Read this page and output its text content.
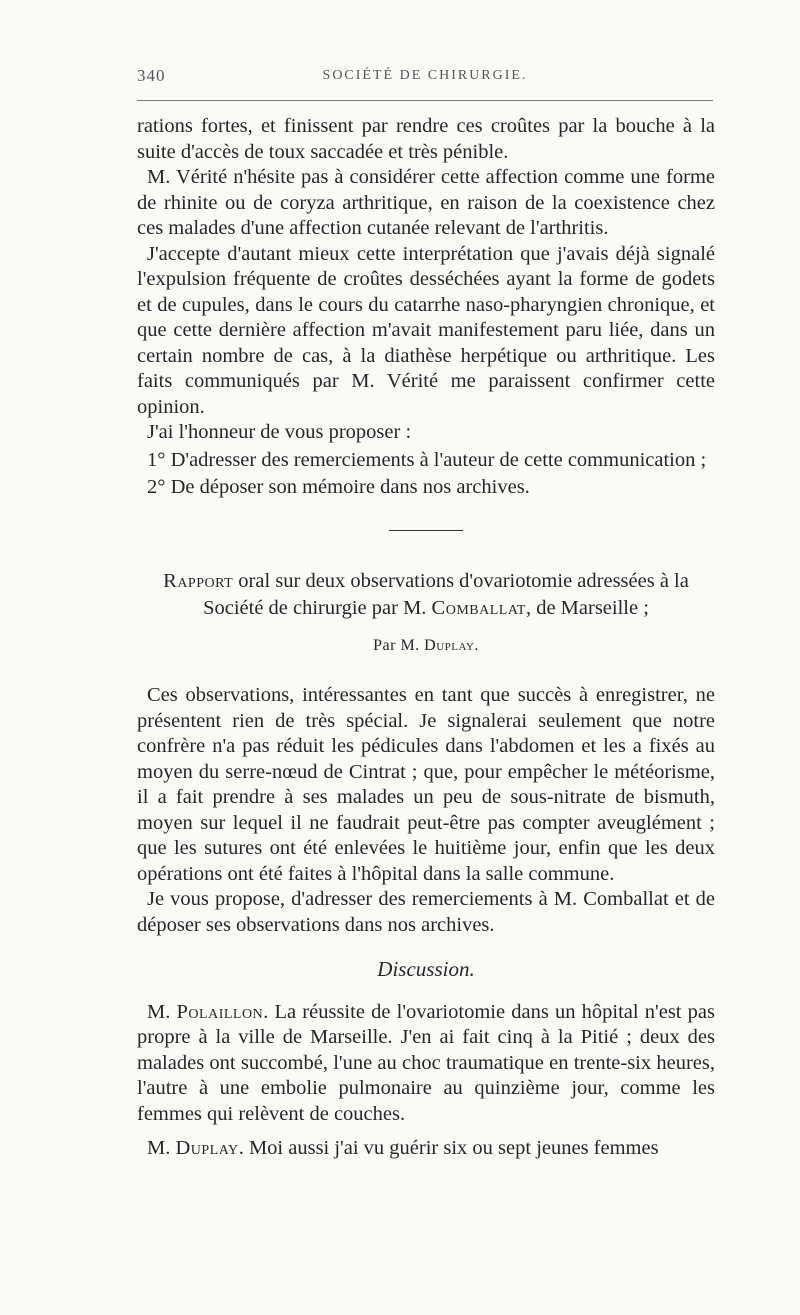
340	SOCIÉTÉ DE CHIRURGIE.

rations fortes, et finissent par rendre ces croûtes par la bouche à la suite d'accès de toux saccadée et très pénible.

M. Vérité n'hésite pas à considérer cette affection comme une forme de rhinite ou de coryza arthritique, en raison de la coexistence chez ces malades d'une affection cutanée relevant de l'arthritis.

J'accepte d'autant mieux cette interprétation que j'avais déjà signalé l'expulsion fréquente de croûtes desséchées ayant la forme de godets et de cupules, dans le cours du catarrhe naso-pharyngien chronique, et que cette dernière affection m'avait manifestement paru liée, dans un certain nombre de cas, à la diathèse herpétique ou arthritique. Les faits communiqués par M. Vérité me paraissent confirmer cette opinion.

J'ai l'honneur de vous proposer :

1° D'adresser des remerciements à l'auteur de cette communication ;

2° De déposer son mémoire dans nos archives.

Rapport oral sur deux observations d'ovariotomie adressées à la Société de chirurgie par M. Comballat, de Marseille ;

Par M. Duplay.

Ces observations, intéressantes en tant que succès à enregistrer, ne présentent rien de très spécial. Je signalerai seulement que notre confrère n'a pas réduit les pédicules dans l'abdomen et les a fixés au moyen du serre-nœud de Cintrat ; que, pour empêcher le météorisme, il a fait prendre à ses malades un peu de sous-nitrate de bismuth, moyen sur lequel il ne faudrait peut-être pas compter aveuglément ; que les sutures ont été enlevées le huitième jour, enfin que les deux opérations ont été faites à l'hôpital dans la salle commune.

Je vous propose, d'adresser des remerciements à M. Comballat et de déposer ses observations dans nos archives.

Discussion.

M. Polaillon. La réussite de l'ovariotomie dans un hôpital n'est pas propre à la ville de Marseille. J'en ai fait cinq à la Pitié ; deux des malades ont succombé, l'une au choc traumatique en trente-six heures, l'autre à une embolie pulmonaire au quinzième jour, comme les femmes qui relèvent de couches.

M. Duplay. Moi aussi j'ai vu guérir six ou sept jeunes femmes
